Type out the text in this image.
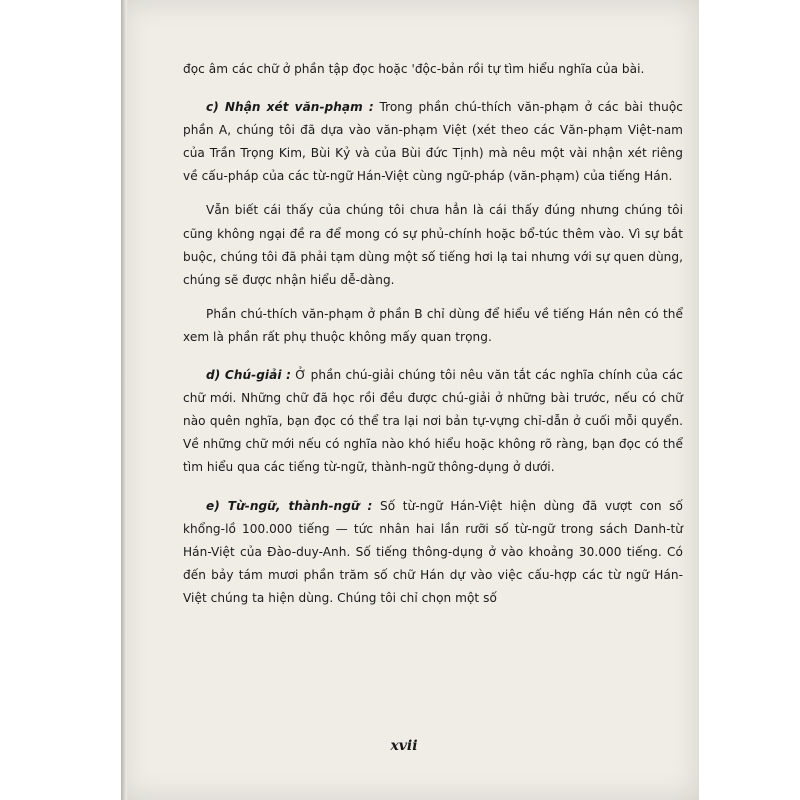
đọc âm các chữ ở phần tập đọc hoặc 'độc-bản rồi tự tìm hiểu nghĩa của bài.

c) Nhận xét văn-phạm : Trong phần chú-thích văn-phạm ở các bài thuộc phần A, chúng tôi đã dựa vào văn-phạm Việt (xét theo các Văn-phạm Việt-nam của Trần Trọng Kim, Bùi Kỷ và của Bùi đức Tịnh) mà nêu một vài nhận xét riêng về cấu-pháp của các từ-ngữ Hán-Việt cùng ngữ-pháp (văn-phạm) của tiếng Hán.

Vẫn biết cái thấy của chúng tôi chưa hẳn là cái thấy đúng nhưng chúng tôi cũng không ngại đề ra để mong có sự phủ-chính hoặc bổ-túc thêm vào. Vì sự bắt buộc, chúng tôi đã phải tạm dùng một số tiếng hơi lạ tai nhưng với sự quen dùng, chúng sẽ được nhận hiểu dễ-dàng.

Phần chú-thích văn-phạm ở phần B chỉ dùng để hiểu về tiếng Hán nên có thể xem là phần rất phụ thuộc không mấy quan trọng.

d) Chú-giải : Ở phần chú-giải chúng tôi nêu văn tắt các nghĩa chính của các chữ mới. Những chữ đã học rồi đều được chú-giải ở những bài trước, nếu có chữ nào quên nghĩa, bạn đọc có thể tra lại nơi bản tự-vựng chỉ-dẫn ở cuối mỗi quyển. Về những chữ mới nếu có nghĩa nào khó hiểu hoặc không rõ ràng, bạn đọc có thể tìm hiểu qua các tiếng từ-ngữ, thành-ngữ thông-dụng ở dưới.

e) Từ-ngữ, thành-ngữ : Số từ-ngữ Hán-Việt hiện dùng đã vượt con số khổng-lồ 100.000 tiếng — tức nhân hai lần rưỡi số từ-ngữ trong sách Danh-từ Hán-Việt của Đào-duy-Anh. Số tiếng thông-dụng ở vào khoảng 30.000 tiếng. Có đến bảy tám mươi phần trăm số chữ Hán dự vào việc cấu-hợp các từ ngữ Hán-Việt chúng ta hiện dùng. Chúng tôi chỉ chọn một số

xvii
